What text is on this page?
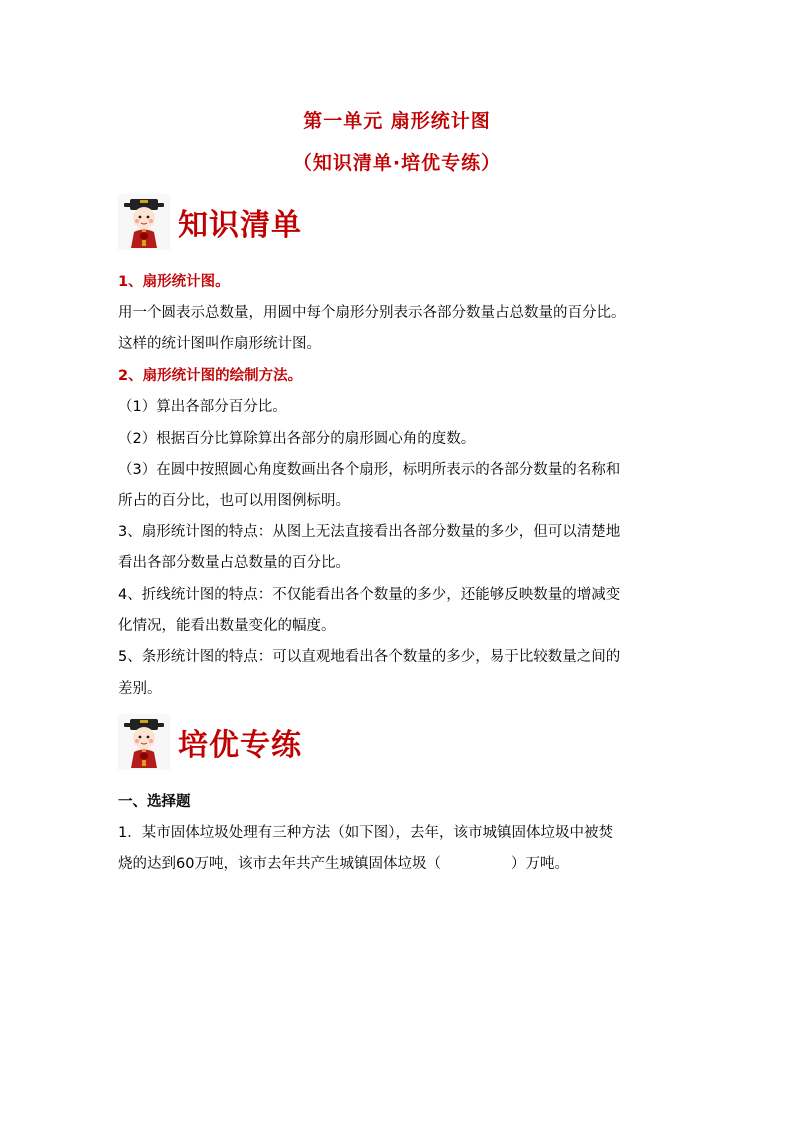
第一单元 扇形统计图
（知识清单·培优专练）
知识清单

1、扇形统计图。

用一个圆表示总数量，用圆中每个扇形分别表示各部分数量占总数量的百分比。

这样的统计图叫作扇形统计图。

2、扇形统计图的绘制方法。

（1）算出各部分百分比。

（2）根据百分比算除算出各部分的扇形圆心角的度数。

（3）在圆中按照圆心角度数画出各个扇形，标明所表示的各部分数量的名称和

所占的百分比，也可以用图例标明。

3、扇形统计图的特点：从图上无法直接看出各部分数量的多少，但可以清楚地

看出各部分数量占总数量的百分比。

4、折线统计图的特点：不仅能看出各个数量的多少，还能够反映数量的增减变

化情况，能看出数量变化的幅度。

5、条形统计图的特点：可以直观地看出各个数量的多少，易于比较数量之间的

差别。

培优专练

一、选择题

1．某市固体垃圾处理有三种方法（如下图），去年，该市城镇固体垃圾中被焚

烧的达到60万吨，该市去年共产生城镇固体垃圾（	）万吨。
